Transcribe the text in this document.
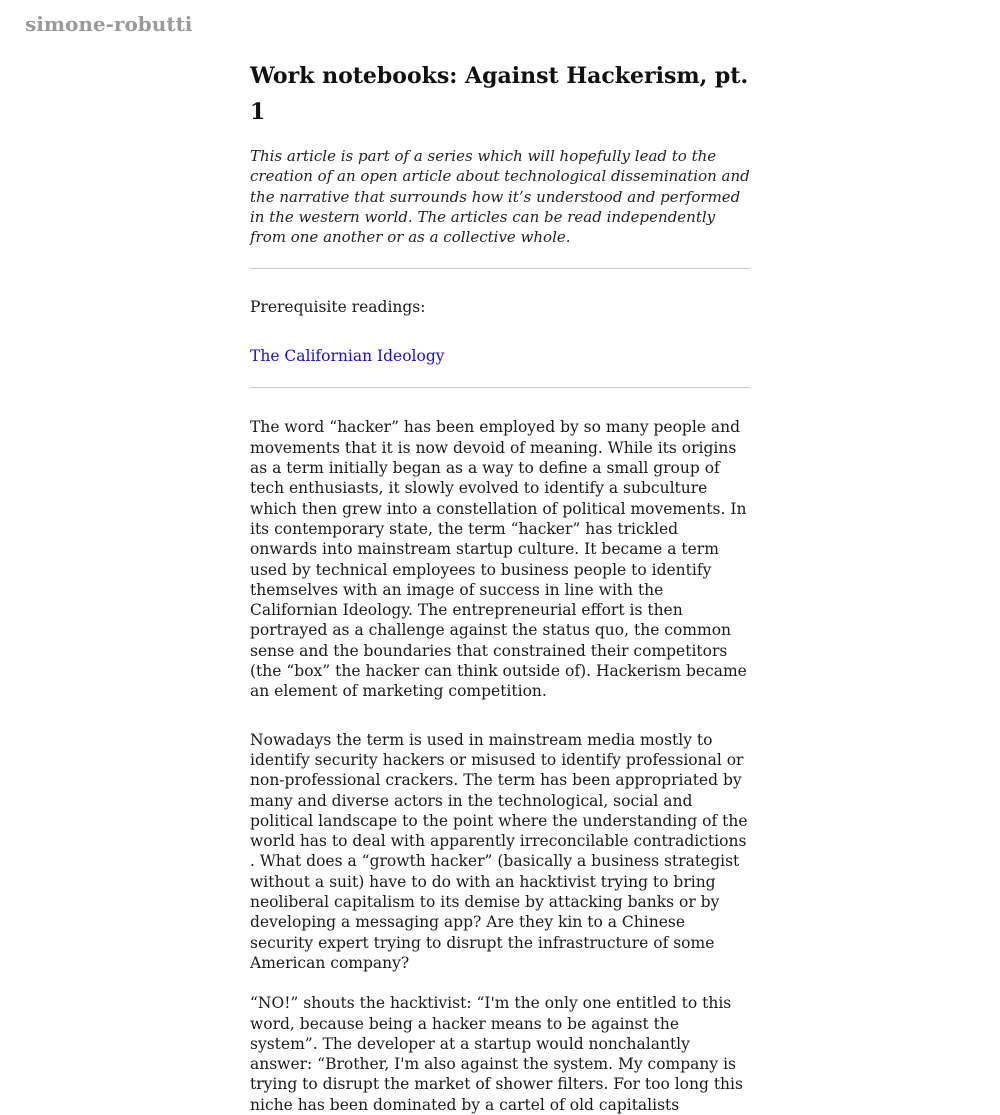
simone-robutti
Work notebooks: Against Hackerism, pt. 1

This article is part of a series which will hopefully lead to the creation of an open article about technological dissemination and the narrative that surrounds how it’s understood and performed in the western world. The articles can be read independently from one another or as a collective whole.

Prerequisite readings:

The Californian Ideology

The word “hacker” has been employed by so many people and movements that it is now devoid of meaning. While its origins as a term initially began as a way to define a small group of tech enthusiasts, it slowly evolved to identify a subculture which then grew into a constellation of political movements. In its contemporary state, the term “hacker” has trickled onwards into mainstream startup culture. It became a term used by technical employees to business people to identify themselves with an image of success in line with the Californian Ideology. The entrepreneurial effort is then portrayed as a challenge against the status quo, the common sense and the boundaries that constrained their competitors (the “box” the hacker can think outside of). Hackerism became an element of marketing competition.

Nowadays the term is used in mainstream media mostly to identify security hackers or misused to identify professional or non-professional crackers. The term has been appropriated by many and diverse actors in the technological, social and political landscape to the point where the understanding of the world has to deal with apparently irreconcilable contradictions . What does a “growth hacker” (basically a business strategist without a suit) have to do with an hacktivist trying to bring neoliberal capitalism to its demise by attacking banks or by developing a messaging app? Are they kin to a Chinese security expert trying to disrupt the infrastructure of some American company?

“NO!” shouts the hacktivist: “I'm the only one entitled to this word, because being a hacker means to be against the system”. The developer at a startup would nonchalantly answer: “Brother, I'm also against the system. My company is trying to disrupt the market of shower filters. For too long this niche has been dominated by a cartel of old capitalists
